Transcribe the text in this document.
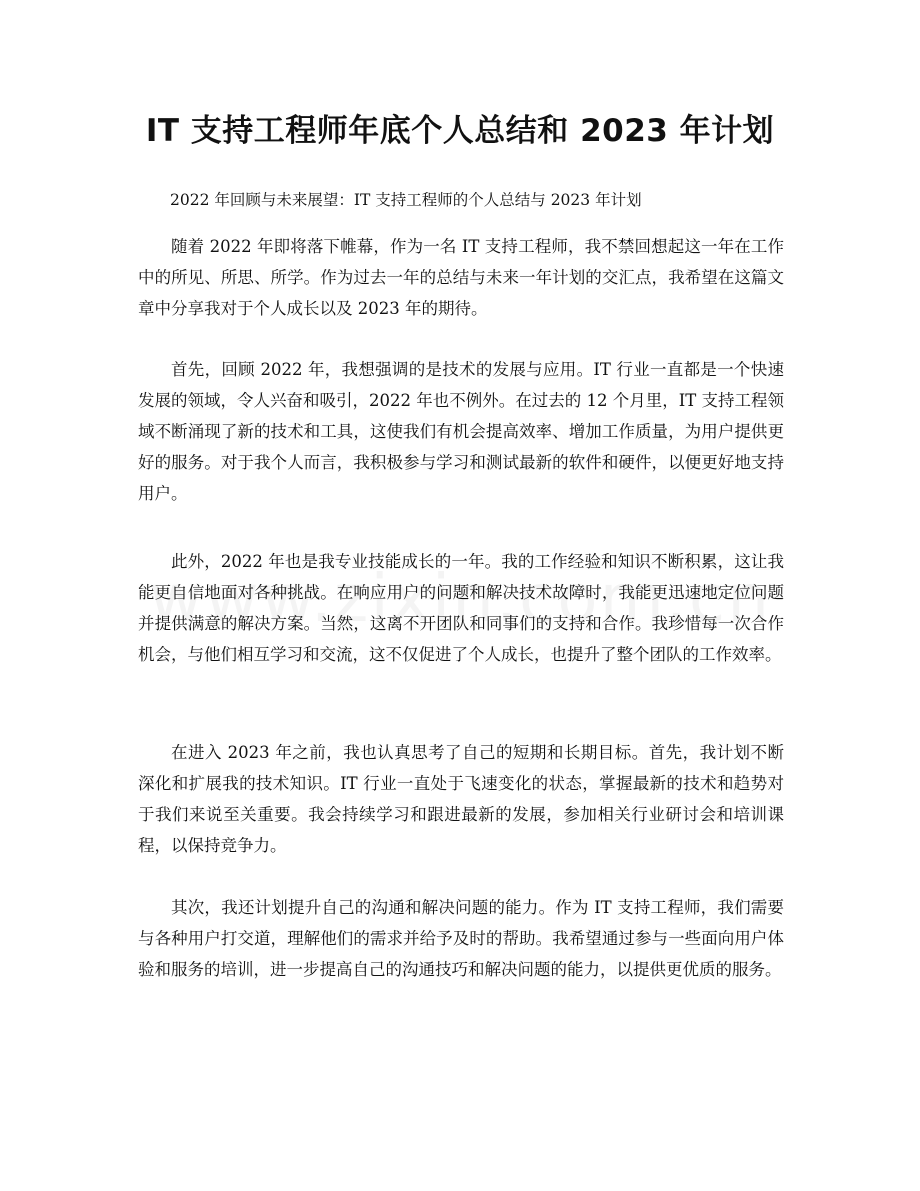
IT 支持工程师年底个人总结和 2023 年计划

2022 年回顾与未来展望：IT 支持工程师的个人总结与 2023 年计划

随着 2022 年即将落下帷幕，作为一名 IT 支持工程师，我不禁回想起这一年在工作中的所见、所思、所学。作为过去一年的总结与未来一年计划的交汇点，我希望在这篇文章中分享我对于个人成长以及 2023 年的期待。

首先，回顾 2022 年，我想强调的是技术的发展与应用。IT 行业一直都是一个快速发展的领域，令人兴奋和吸引，2022 年也不例外。在过去的 12 个月里，IT 支持工程领域不断涌现了新的技术和工具，这使我们有机会提高效率、增加工作质量，为用户提供更好的服务。对于我个人而言，我积极参与学习和测试最新的软件和硬件，以便更好地支持用户。

此外，2022 年也是我专业技能成长的一年。我的工作经验和知识不断积累，这让我能更自信地面对各种挑战。在响应用户的问题和解决技术故障时，我能更迅速地定位问题并提供满意的解决方案。当然，这离不开团队和同事们的支持和合作。我珍惜每一次合作机会，与他们相互学习和交流，这不仅促进了个人成长，也提升了整个团队的工作效率。

在进入 2023 年之前，我也认真思考了自己的短期和长期目标。首先，我计划不断深化和扩展我的技术知识。IT 行业一直处于飞速变化的状态，掌握最新的技术和趋势对于我们来说至关重要。我会持续学习和跟进最新的发展，参加相关行业研讨会和培训课程，以保持竞争力。

其次，我还计划提升自己的沟通和解决问题的能力。作为 IT 支持工程师，我们需要与各种用户打交道，理解他们的需求并给予及时的帮助。我希望通过参与一些面向用户体验和服务的培训，进一步提高自己的沟通技巧和解决问题的能力，以提供更优质的服务。
